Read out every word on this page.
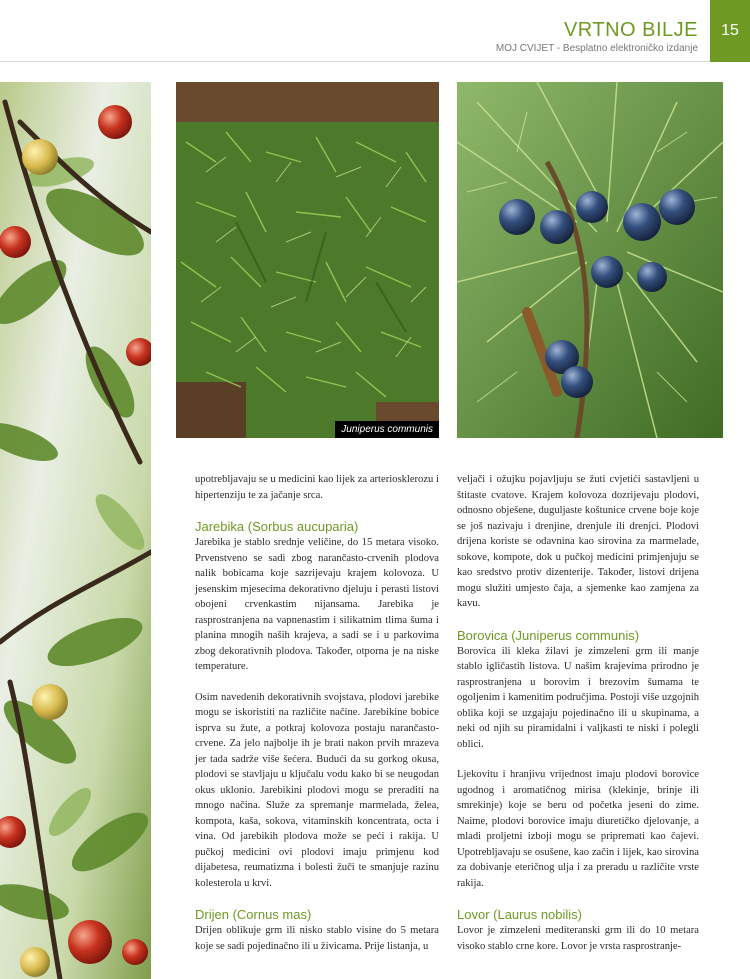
VRTNO BILJE
MOJ CVIJET - Besplatno elektroničko izdanje
15
Juniperus communis

upotrebljavaju se u medicini kao lijek za arteriosklerozu i hipertenziju te za jačanje srca.

Jarebika (Sorbus aucuparia)

Jarebika je stablo srednje veličine, do 15 metara visoko. Prvenstveno se sadi zbog narančasto-crvenih plodova nalik bobicama koje sazrijevaju krajem kolovoza. U jesenskim mjesecima dekorativno djeluju i perasti listovi obojeni crvenkastim nijansama. Jarebika je rasprostranjena na vapnenastim i silikatnim tlima šuma i planina mnogih naših krajeva, a sadi se i u parkovima zbog dekorativnih plodova. Također, otporna je na niske temperature.

Osim navedenih dekorativnih svojstava, plodovi jarebike mogu se iskoristiti na različite načine. Jarebikine bobice isprva su žute, a potkraj kolovoza postaju narančasto-crvene. Za jelo najbolje ih je brati nakon prvih mrazeva jer tada sadrže više šećera. Budući da su gorkog okusa, plodovi se stavljaju u ključalu vodu kako bi se neugodan okus uklonio. Jarebikini plodovi mogu se preraditi na mnogo načina. Služe za spremanje marmelada, želea, kompota, kaša, sokova, vitaminskih koncentrata, octa i vina. Od jarebikih plodova može se peći i rakija. U pučkoj medicini ovi plodovi imaju primjenu kod dijabetesa, reumatizma i bolesti žuči te smanjuje razinu kolesterola u krvi.

Drijen (Cornus mas)

Drijen oblikuje grm ili nisko stablo visine do 5 metara koje se sadi pojedinačno ili u živicama. Prije listanja, u

veljači i ožujku pojavljuju se žuti cvjetići sastavljeni u štitaste cvatove. Krajem kolovoza dozrijevaju plodovi, odnosno obješene, duguljaste koštunice crvene boje koje se još nazivaju i drenjine, drenjule ili drenjci. Plodovi drijena koriste se odavnina kao sirovina za marmelade, sokove, kompote, dok u pučkoj medicini primjenjuju se kao sredstvo protiv dizenterije. Također, listovi drijena mogu služiti umjesto čaja, a sjemenke kao zamjena za kavu.

Borovica (Juniperus communis)

Borovica ili kleka žilavi je zimzeleni grm ili manje stablo igličastih listova. U našim krajevima prirodno je rasprostranjena u borovim i brezovim šumama te ogoljenim i kamenitim područjima. Postoji više uzgojnih oblika koji se uzgajaju pojedinačno ili u skupinama, a neki od njih su piramidalni i valjkasti te niski i polegli oblici.

Ljekovitu i hranjivu vrijednost imaju plodovi borovice ugodnog i aromatičnog mirisa (klekinje, brinje ili smrekinje) koje se beru od početka jeseni do zime. Naime, plodovi borovice imaju diuretičko djelovanje, a mladi proljetni izboji mogu se pripremati kao čajevi. Upotrebljavaju se osušene, kao začin i lijek, kao sirovina za dobivanje eteričnog ulja i za preradu u različite vrste rakija.

Lovor (Laurus nobilis)

Lovor je zimzeleni mediteranski grm ili do 10 metara visoko stablo crne kore. Lovor je vrsta rasprostranje-
